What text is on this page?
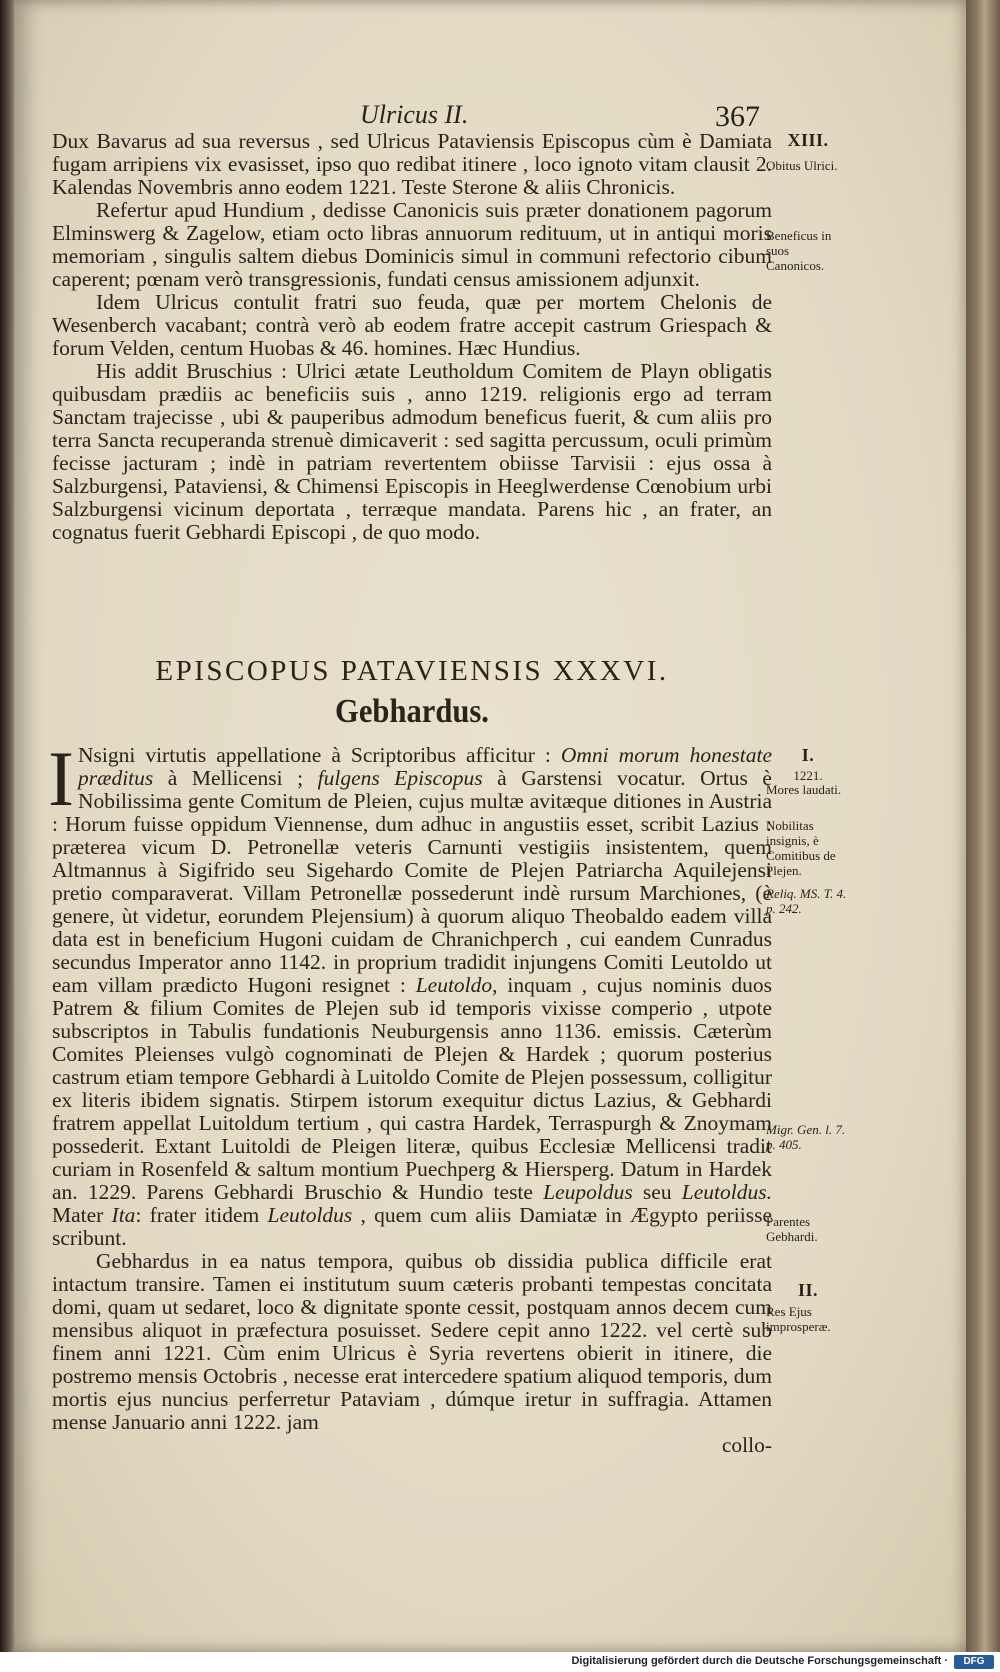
Ulricus II.	367

Dux Bavarus ad sua reversus , sed Ulricus Pataviensis Episcopus cùm è Damiata fugam arripiens vix evasisset, ipso quo redibat itinere , loco ignoto vitam clausit 2. Kalendas Novembris anno eodem 1221. Teste Sterone & aliis Chronicis.

Refertur apud Hundium , dedisse Canonicis suis præter donationem pagorum Elminswerg & Zagelow, etiam octo libras annuorum redituum, ut in antiqui moris memoriam , singulis saltem diebus Dominicis simul in communi refectorio cibum caperent; pœnam verò transgressionis, fundati census amissionem adjunxit.

Idem Ulricus contulit fratri suo feuda, quæ per mortem Chelonis de Wesenberch vacabant; contrà verò ab eodem fratre accepit castrum Griespach & forum Velden, centum Huobas & 46. homines. Hæc Hundius.

His addit Bruschius : Ulrici ætate Leutholdum Comitem de Playn obligatis quibusdam prædiis ac beneficiis suis , anno 1219. religionis ergo ad terram Sanctam trajecisse , ubi & pauperibus admodum beneficus fuerit, & cum aliis pro terra Sancta recuperanda strenuè dimicaverit : sed sagitta percussum, oculi primùm fecisse jacturam ; indè in patriam revertentem obiisse Tarvisii : ejus ossa à Salzburgensi, Pataviensi, & Chimensi Episcopis in Heeglwerdense Cœnobium urbi Salzburgensi vicinum deportata , terræque mandata. Parens hic , an frater, an cognatus fuerit Gebhardi Episcopi , de quo modo.

EPISCOPUS PATAVIENSIS XXXVI.
Gebhardus.

I Nsigni virtutis appellatione à Scriptoribus afficitur : Omni morum honestate præditus à Mellicensi ; fulgens Episcopus à Garstensi vocatur. Ortus è Nobilissima gente Comitum de Pleien, cujus multæ avitæque ditiones in Austria : Horum fuisse oppidum Viennense, dum adhuc in angustiis esset, scribit Lazius : præterea vicum D. Petronellæ veteris Carnunti vestigiis insistentem, quem Altmannus à Sigifrido seu Sigehardo Comite de Plejen Patriarcha Aquilejensi pretio comparaverat. Villam Petronellæ possederunt indè rursum Marchiones, (è genere, ùt videtur, eorundem Plejensium) à quorum aliquo Theobaldo eadem villa data est in beneficium Hugoni cuidam de Chranichperch , cui eandem Cunradus secundus Imperator anno 1142. in proprium tradidit injungens Comiti Leutoldo ut eam villam prædicto Hugoni resignet : Leutoldo, inquam , cujus nominis duos Patrem & filium Comites de Plejen sub id temporis vixisse comperio , utpote subscriptos in Tabulis fundationis Neuburgensis anno 1136. emissis. Cæterùm Comites Pleienses vulgò cognominati de Plejen & Hardek ; quorum posterius castrum etiam tempore Gebhardi à Luitoldo Comite de Plejen possessum, colligitur ex literis ibidem signatis. Stirpem istorum exequitur dictus Lazius, & Gebhardi fratrem appellat Luitoldum tertium , qui castra Hardek, Terraspurgh & Znoymam possederit. Extant Luitoldi de Pleigen literæ, quibus Ecclesiæ Mellicensi tradit curiam in Rosenfeld & saltum montium Puechperg & Hiersperg. Datum in Hardek an. 1229. Parens Gebhardi Bruschio & Hundio teste Leupoldus seu Leutoldus. Mater Ita: frater itidem Leutoldus , quem cum aliis Damiatæ in Ægypto periisse scribunt.

Gebhardus in ea natus tempora, quibus ob dissidia publica difficile erat intactum transire. Tamen ei institutum suum cæteris probanti tempestas concitata domi, quam ut sedaret, loco & dignitate sponte cessit, postquam annos decem cum mensibus aliquot in præfectura posuisset. Sedere cepit anno 1222. vel certè sub finem anni 1221. Cùm enim Ulricus è Syria revertens obierit in itinere, die postremo mensis Octobris , necesse erat intercedere spatium aliquod temporis, dum mortis ejus nuncius perferretur Pataviam , dúmque iretur in suffragia. Attamen mense Januario anni 1222. jam

collo-

XIII.
Obitus Ulrici.
Beneficus in suos Canonicos.
I.
1221.
Mores laudati.
Nobilitas insignis, è Comitibus de Plejen.
Reliq. MS. T. 4. p. 242.
Migr. Gen. l. 7. p. 405.
Parentes Gebhardi.
II.
Res Ejus improsperæ.
Digitalisierung gefördert durch die Deutsche Forschungsgemeinschaft ·	DFG
